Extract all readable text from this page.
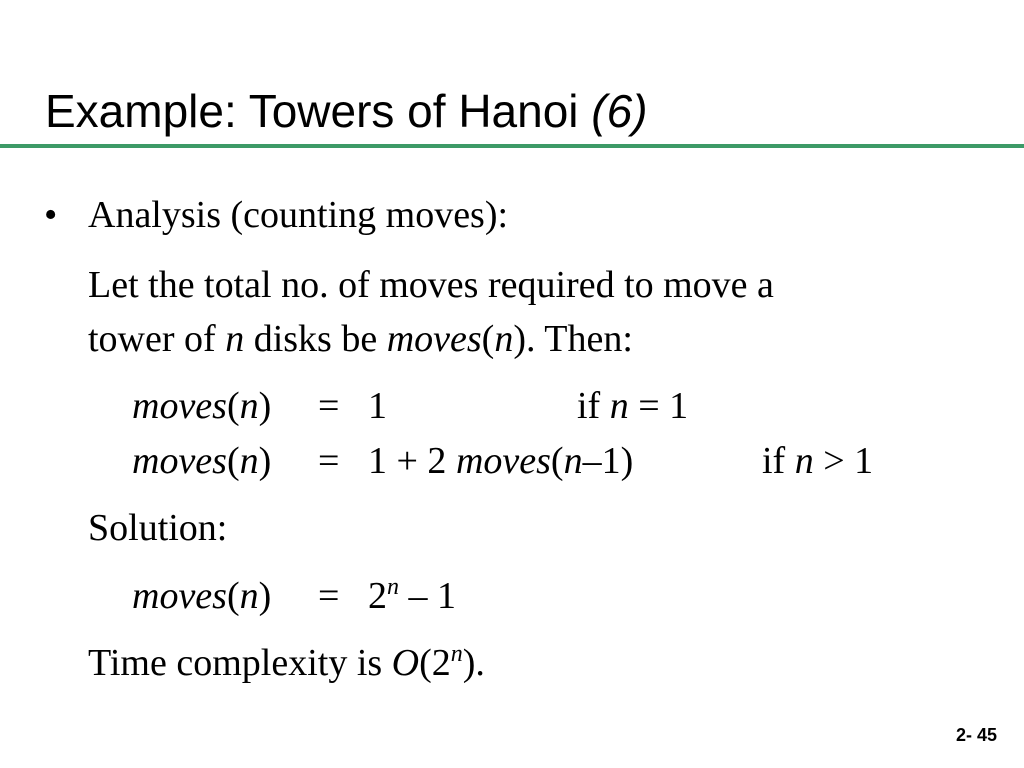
Example: Towers of Hanoi (6)
• Analysis (counting moves):
Let the total no. of moves required to move a
tower of n disks be moves(n). Then:
moves(n) = 1	if n = 1
moves(n) = 1 + 2 moves(n–1)	if n > 1
Solution:
moves(n) = $2^n - 1$
Time complexity is O(2$^n$).
2- 45
